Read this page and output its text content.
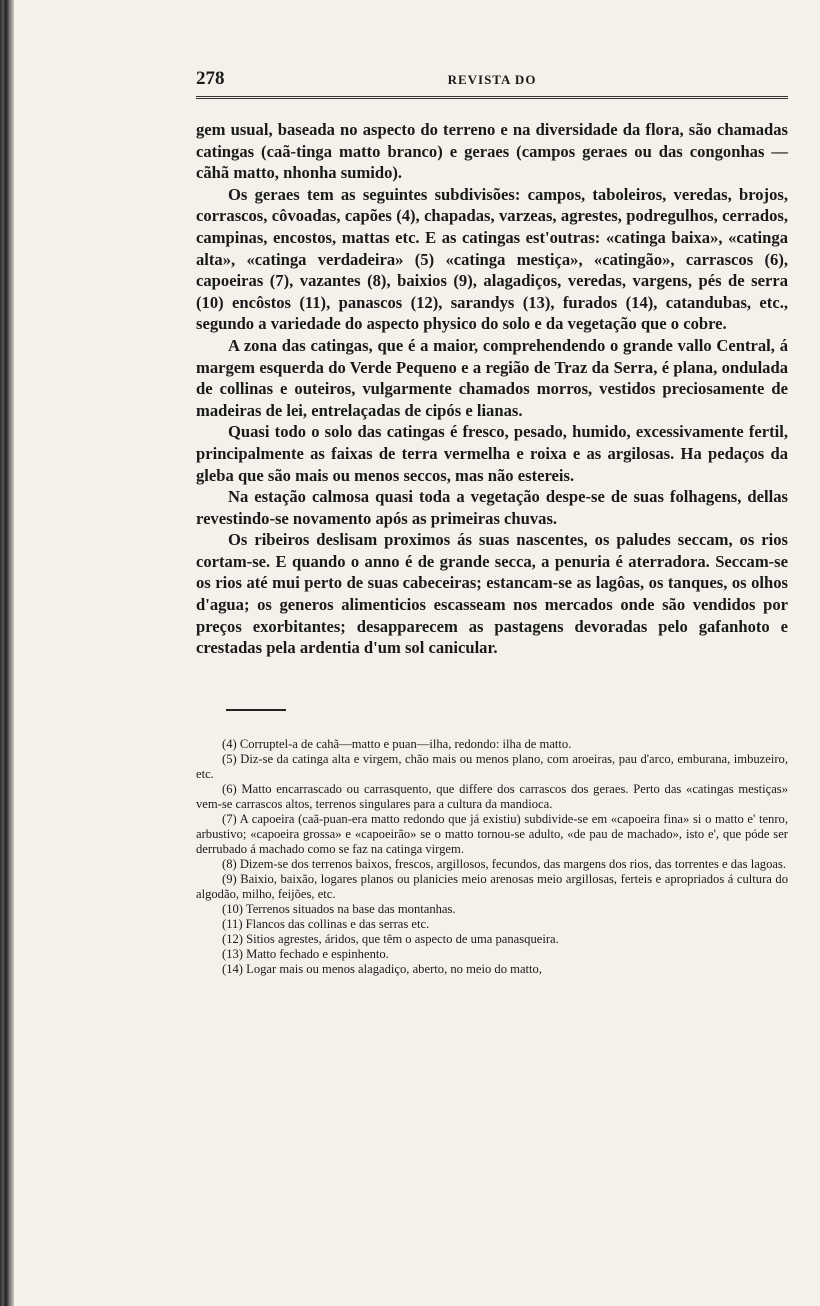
278	REVISTA DO

gem usual, baseada no aspecto do terreno e na diversidade da flora, são chamadas catingas (caã-tinga matto branco) e geraes (campos geraes ou das congonhas — cãhã matto, nhonha sumido).

Os geraes tem as seguintes subdivisões: campos, taboleiros, veredas, brojos, corrascos, côvoadas, capões (4), chapadas, varzeas, agrestes, podregulhos, cerrados, campinas, encostos, mattas etc. E as catingas est'outras: «catinga baixa», «catinga alta», «catinga verdadeira» (5) «catinga mestiça», «catingão», carrascos (6), capoeiras (7), vazantes (8), baixios (9), alagadiços, veredas, vargens, pés de serra (10) encôstos (11), panascos (12), sarandys (13), furados (14), catandubas, etc., segundo a variedade do aspecto physico do solo e da vegetação que o cobre.

A zona das catingas, que é a maior, comprehendendo o grande vallo Central, á margem esquerda do Verde Pequeno e a região de Traz da Serra, é plana, ondulada de collinas e outeiros, vulgarmente chamados morros, vestidos preciosamente de madeiras de lei, entrelaçadas de cipós e lianas.

Quasi todo o solo das catingas é fresco, pesado, humido, excessivamente fertil, principalmente as faixas de terra vermelha e roixa e as argilosas. Ha pedaços da gleba que são mais ou menos seccos, mas não estereis.

Na estação calmosa quasi toda a vegetação despe-se de suas folhagens, dellas revestindo-se novamento após as primeiras chuvas.

Os ribeiros deslisam proximos ás suas nascentes, os paludes seccam, os rios cortam-se. E quando o anno é de grande secca, a penuria é aterradora. Seccam-se os rios até mui perto de suas cabeceiras; estancam-se as lagôas, os tanques, os olhos d'agua; os generos alimenticios escasseam nos mercados onde são vendidos por preços exorbitantes; desapparecem as pastagens devoradas pelo gafanhoto e crestadas pela ardentia d'um sol canicular.

(4) Corruptel-a de cahã—matto e puan—ilha, redondo: ilha de matto.

(5) Diz-se da catinga alta e virgem, chão mais ou menos plano, com aroeiras, pau d'arco, emburana, imbuzeiro, etc.

(6) Matto encarrascado ou carrasquento, que differe dos carrascos dos geraes. Perto das «catingas mestiças» vem-se carrascos altos, terrenos singulares para a cultura da mandioca.

(7) A capoeira (caã-puan-era matto redondo que já existiu) subdivide-se em «capoeira fina» si o matto e' tenro, arbustivo; «capoeira grossa» e «capoeirão» se o matto tornou-se adulto, «de pau de machado», isto e', que póde ser derrubado á machado como se faz na catinga virgem.

(8) Dizem-se dos terrenos baixos, frescos, argillosos, fecundos, das margens dos rios, das torrentes e das lagoas.

(9) Baixio, baixão, logares planos ou planicies meio arenosas meio argillosas, ferteis e apropriados á cultura do algodão, milho, feijões, etc.

(10) Terrenos situados na base das montanhas.

(11) Flancos das collinas e das serras etc.

(12) Sitios agrestes, áridos, que têm o aspecto de uma panasqueira.

(13) Matto fechado e espinhento.

(14) Logar mais ou menos alagadiço, aberto, no meio do matto,
